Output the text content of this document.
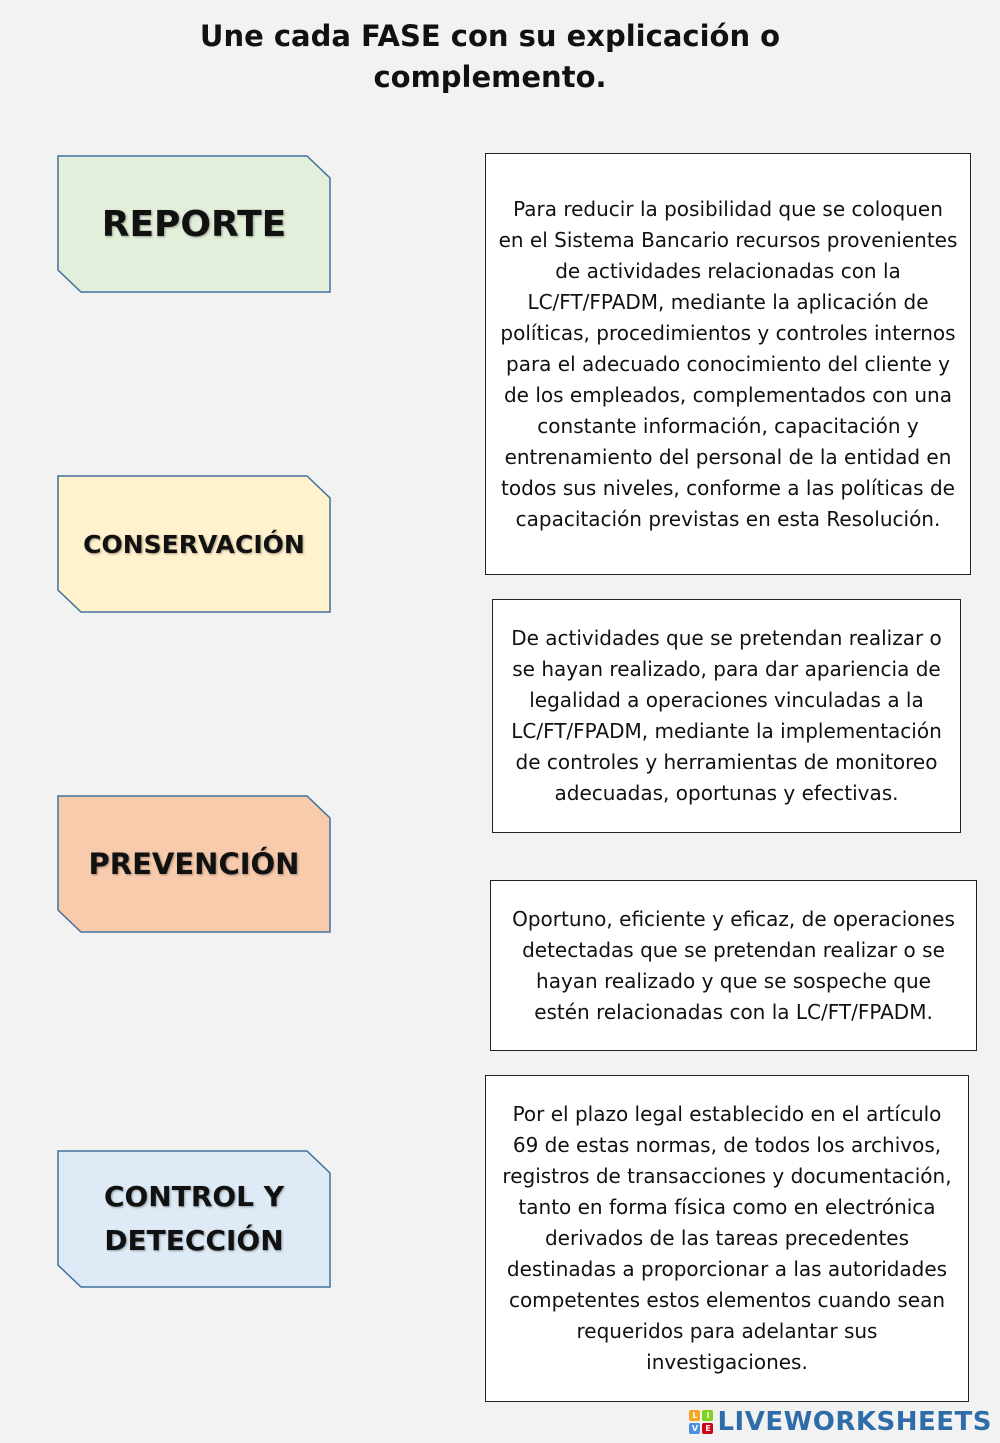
Une cada FASE con su explicación o complemento.
REPORTE
CONSERVACIÓN
PREVENCIÓN
CONTROL Y DETECCIÓN
Para reducir la posibilidad que se coloquen en el Sistema Bancario recursos provenientes de actividades relacionadas con la LC/FT/FPADM, mediante la aplicación de políticas, procedimientos y controles internos para el adecuado conocimiento del cliente y de los empleados, complementados con una constante información, capacitación y entrenamiento del personal de la entidad en todos sus niveles, conforme a las políticas de capacitación previstas en esta Resolución.
De actividades que se pretendan realizar o se hayan realizado, para dar apariencia de legalidad a operaciones vinculadas a la LC/FT/FPADM, mediante la implementación de controles y herramientas de monitoreo adecuadas, oportunas y efectivas.
Oportuno, eficiente y eficaz, de operaciones detectadas que se pretendan realizar o se hayan realizado y que se sospeche que estén relacionadas con la LC/FT/FPADM.
Por el plazo legal establecido en el artículo 69 de estas normas, de todos los archivos, registros de transacciones y documentación, tanto en forma física como en electrónica derivados de las tareas precedentes destinadas a proporcionar a las autoridades competentes estos elementos cuando sean requeridos para adelantar sus investigaciones.
L	I
V E LIVEWORKSHEETS
